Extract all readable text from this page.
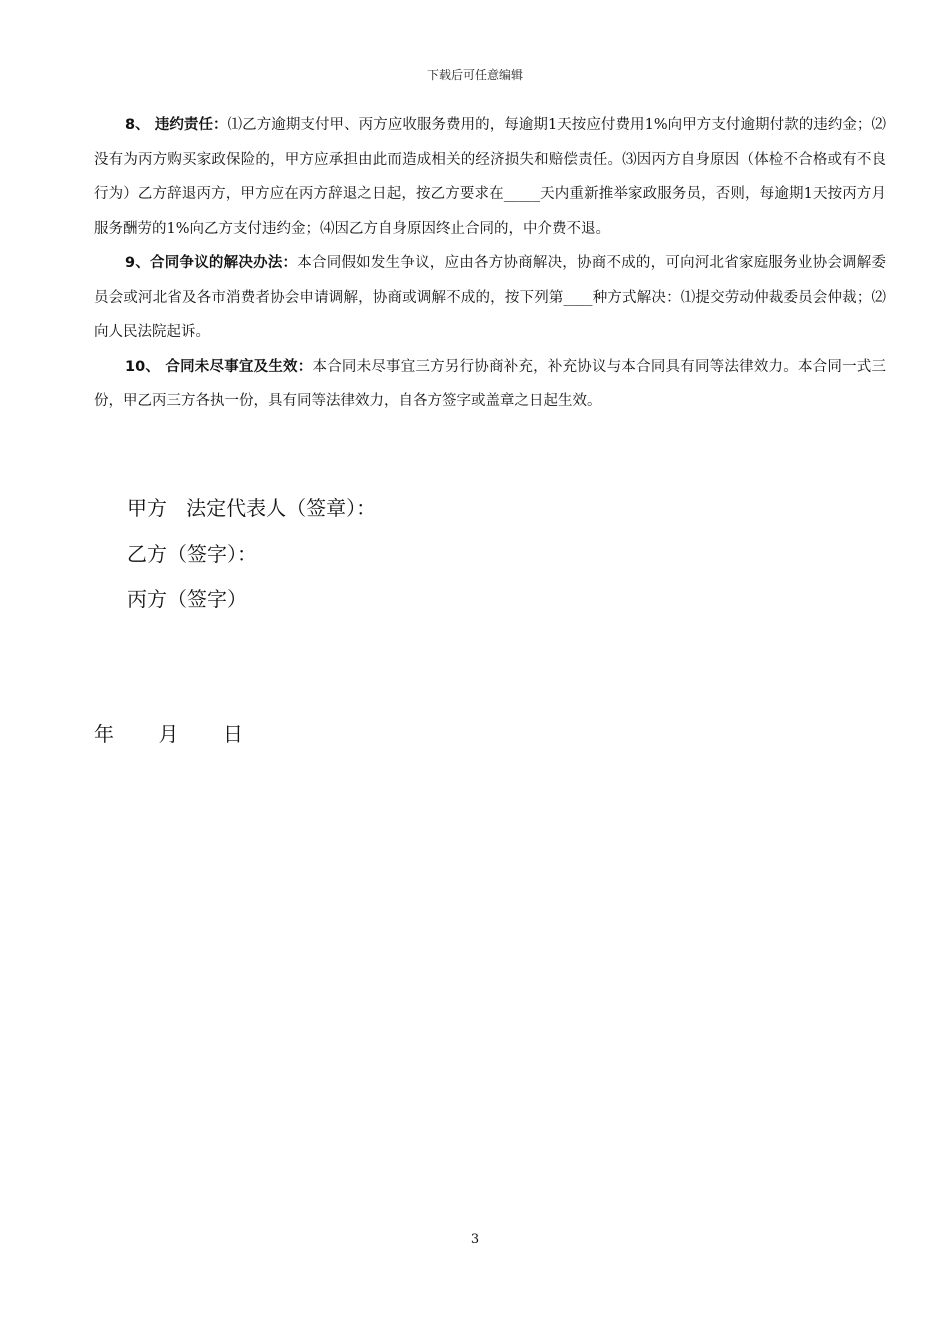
下载后可任意编辑

8、 违约责任：⑴乙方逾期支付甲、丙方应收服务费用的，每逾期1天按应付费用1%向甲方支付逾期付款的违约金；⑵没有为丙方购买家政保险的，甲方应承担由此而造成相关的经济损失和赔偿责任。⑶因丙方自身原因（体检不合格或有不良行为）乙方辞退丙方，甲方应在丙方辞退之日起，按乙方要求在_____天内重新推举家政服务员，否则，每逾期1天按丙方月服务酬劳的1%向乙方支付违约金；⑷因乙方自身原因终止合同的，中介费不退。

9、合同争议的解决办法：本合同假如发生争议，应由各方协商解决，协商不成的，可向河北省家庭服务业协会调解委员会或河北省及各市消费者协会申请调解，协商或调解不成的，按下列第____种方式解决：⑴提交劳动仲裁委员会仲裁；⑵向人民法院起诉。

10、 合同未尽事宜及生效：本合同未尽事宜三方另行协商补充，补充协议与本合同具有同等法律效力。本合同一式三份，甲乙丙三方各执一份，具有同等法律效力，自各方签字或盖章之日起生效。

甲方   法定代表人（签章）：
乙方（签字）：
丙方（签字）
年       月       日
3
